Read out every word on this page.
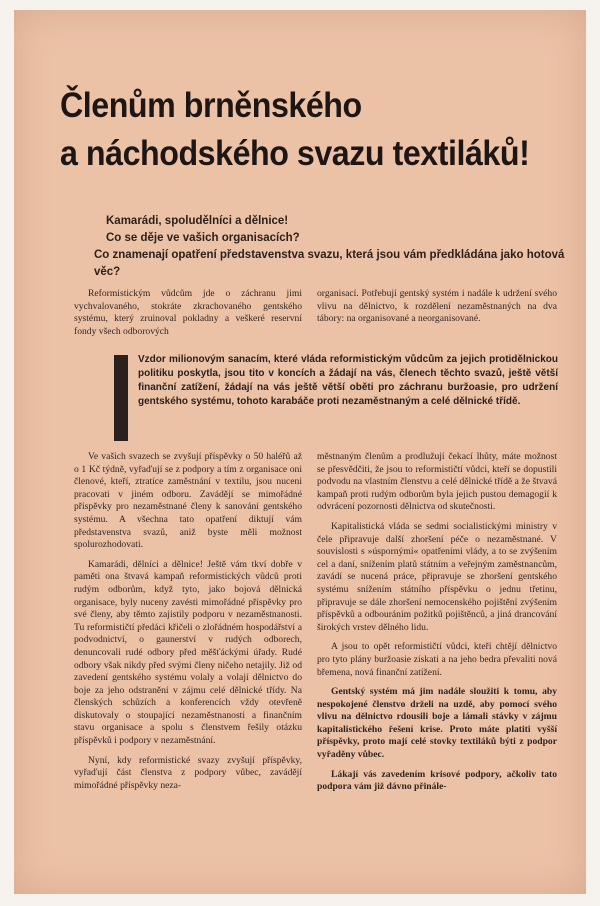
Členům brněnského
a náchodského svazu textiláků!
Kamarádi, spoludělníci a dělnice!
Co se děje ve vašich organisacích?
Co znamenají opatření představenstva svazu, která jsou vám předkládána jako hotová věc?

Reformistickým vůdcům jde o záchranu jimi vychvalovaného, stokráte zkrachovaného gentského systému, který zruinoval pokladny a veškeré reservní fondy všech odborových

organisací. Potřebují gentský systém i nadále k udržení svého vlivu na dělnictvo, k rozdělení nezaměstnaných na dva tábory: na organisované a neorganisované.

Vzdor milionovým sanacím, které vláda reformistickým vůdcům za jejich protidělnickou politiku poskytla, jsou tito v koncích a žádají na vás, členech těchto svazů, ještě větší finanční zatížení, žádají na vás ještě větší oběti pro záchranu buržoasie, pro udržení gentského systému, tohoto karabáče proti nezaměstnaným a celé dělnické třídě.

Ve vašich svazech se zvyšují příspěvky o 50 haléřů až o 1 Kč týdně, vyřaďují se z podpory a tím z organisace oni členové, kteří, ztratíce zaměstnání v textilu, jsou nuceni pracovati v jiném odboru. Zavádějí se mimořádné příspěvky pro nezaměstnané členy k sanování gentského systému. A všechna tato opatření diktují vám představenstva svazů, aniž byste měli možnost spolurozhodovati.

Kamarádi, dělníci a dělnice! Ještě vám tkví dobře v paměti ona štvavá kampaň reformistických vůdců proti rudým odborům, když tyto, jako bojová dělnická organisace, byly nuceny zavésti mimořádné příspěvky pro své členy, aby těmto zajistily podporu v nezaměstnanosti. Tu reformističtí předáci křičeli o zlořádném hospodářství a podvodnictví, o gaunerství v rudých odborech, denuncovali rudé odbory před měšťáckými úřady. Rudé odbory však nikdy před svými členy ničeho netajily. Již od zavedení gentského systému volaly a volají dělnictvo do boje za jeho odstranění v zájmu celé dělnické třídy. Na členských schůzích a konferencích vždy otevřeně diskutovaly o stoupající nezaměstnanosti a finančním stavu organisace a spolu s členstvem řešily otázku příspěvků i podpory v nezaměstnání.

Nyní, kdy reformistické svazy zvyšují příspěvky, vyřaďují část členstva z podpory vůbec, zavádějí mimořádné příspěvky neza-

městnaným členům a prodlužují čekací lhůty, máte možnost se přesvědčiti, že jsou to reformističtí vůdci, kteří se dopustili podvodu na vlastním členstvu a celé dělnické třídě a že štvavá kampaň proti rudým odborům byla jejich pustou demagogií k odvrácení pozornosti dělnictva od skutečnosti.

Kapitalistická vláda se sedmi socialistickými ministry v čele připravuje další zhoršení péče o nezaměstnané. V souvislosti s »úspornými« opatřeními vlády, a to se zvýšením cel a daní, snížením platů státním a veřejným zaměstnancům, zavádí se nucená práce, připravuje se zhoršení gentského systému snížením státního příspěvku o jednu třetinu, připravuje se dále zhoršení nemocenského pojištění zvýšením příspěvků a odbouráním požitků pojištěnců, a jiná drancování širokých vrstev dělného lidu.

A jsou to opět reformističtí vůdci, kteří chtějí dělnictvo pro tyto plány buržoasie získati a na jeho bedra převaliti nová břemena, nová finanční zatížení.

Gentský systém má jim nadále sloužiti k tomu, aby nespokojené členstvo drželi na uzdě, aby pomocí svého vlivu na dělnictvo rdousili boje a lámali stávky v zájmu kapitalistického řešení krise. Proto máte platiti vyšší příspěvky, proto mají celé stovky textiláků býti z podpor vyřaděny vůbec.

Lákají vás zavedením krisové podpory, ačkoliv tato podpora vám již dávno přinále-
